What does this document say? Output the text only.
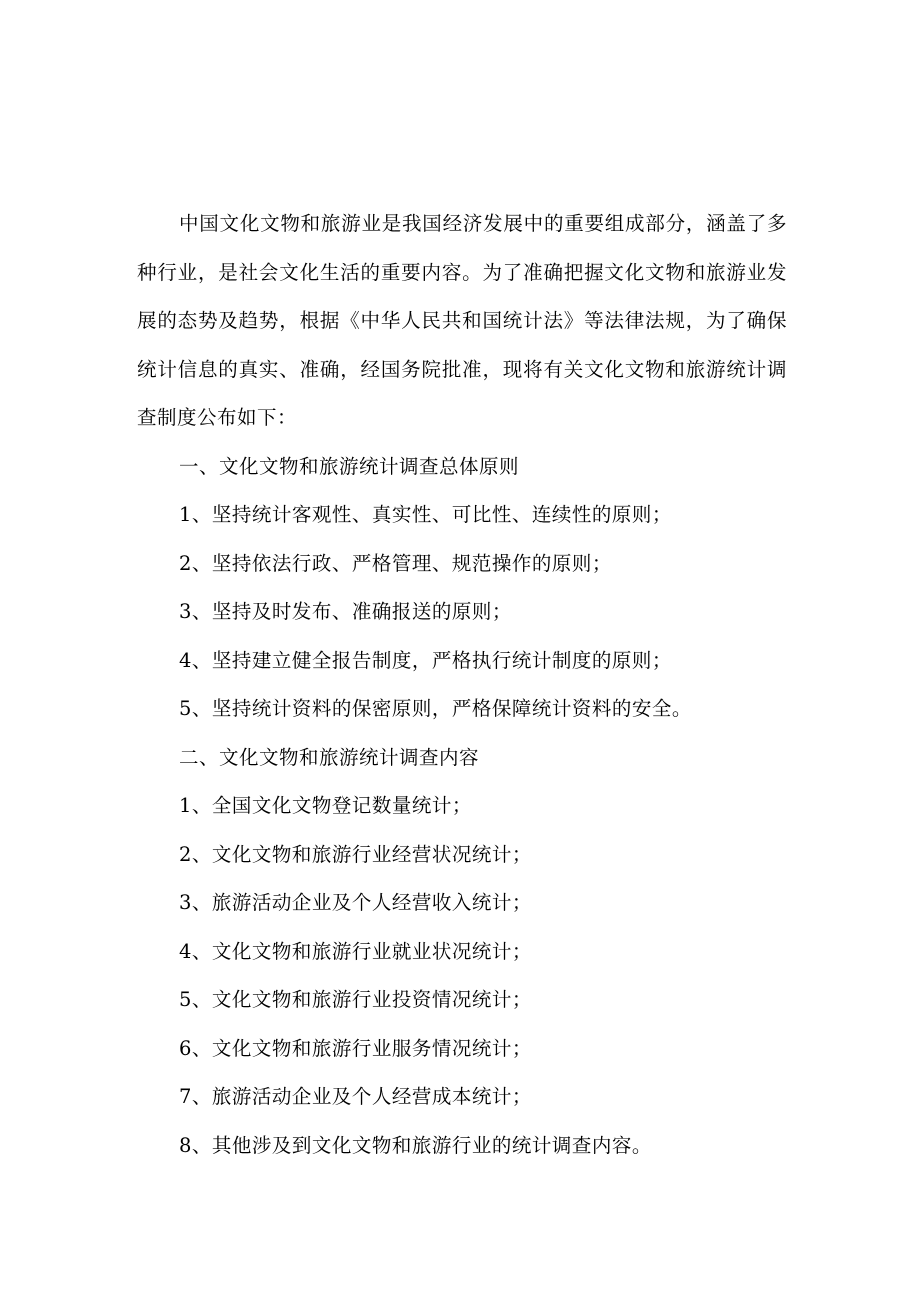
中国文化文物和旅游业是我国经济发展中的重要组成部分，涵盖了多种行业，是社会文化生活的重要内容。为了准确把握文化文物和旅游业发展的态势及趋势，根据《中华人民共和国统计法》等法律法规，为了确保统计信息的真实、准确，经国务院批准，现将有关文化文物和旅游统计调查制度公布如下：

一、文化文物和旅游统计调查总体原则

1、坚持统计客观性、真实性、可比性、连续性的原则；

2、坚持依法行政、严格管理、规范操作的原则；

3、坚持及时发布、准确报送的原则；

4、坚持建立健全报告制度，严格执行统计制度的原则；

5、坚持统计资料的保密原则，严格保障统计资料的安全。

二、文化文物和旅游统计调查内容

1、全国文化文物登记数量统计；

2、文化文物和旅游行业经营状况统计；

3、旅游活动企业及个人经营收入统计；

4、文化文物和旅游行业就业状况统计；

5、文化文物和旅游行业投资情况统计；

6、文化文物和旅游行业服务情况统计；

7、旅游活动企业及个人经营成本统计；

8、其他涉及到文化文物和旅游行业的统计调查内容。
